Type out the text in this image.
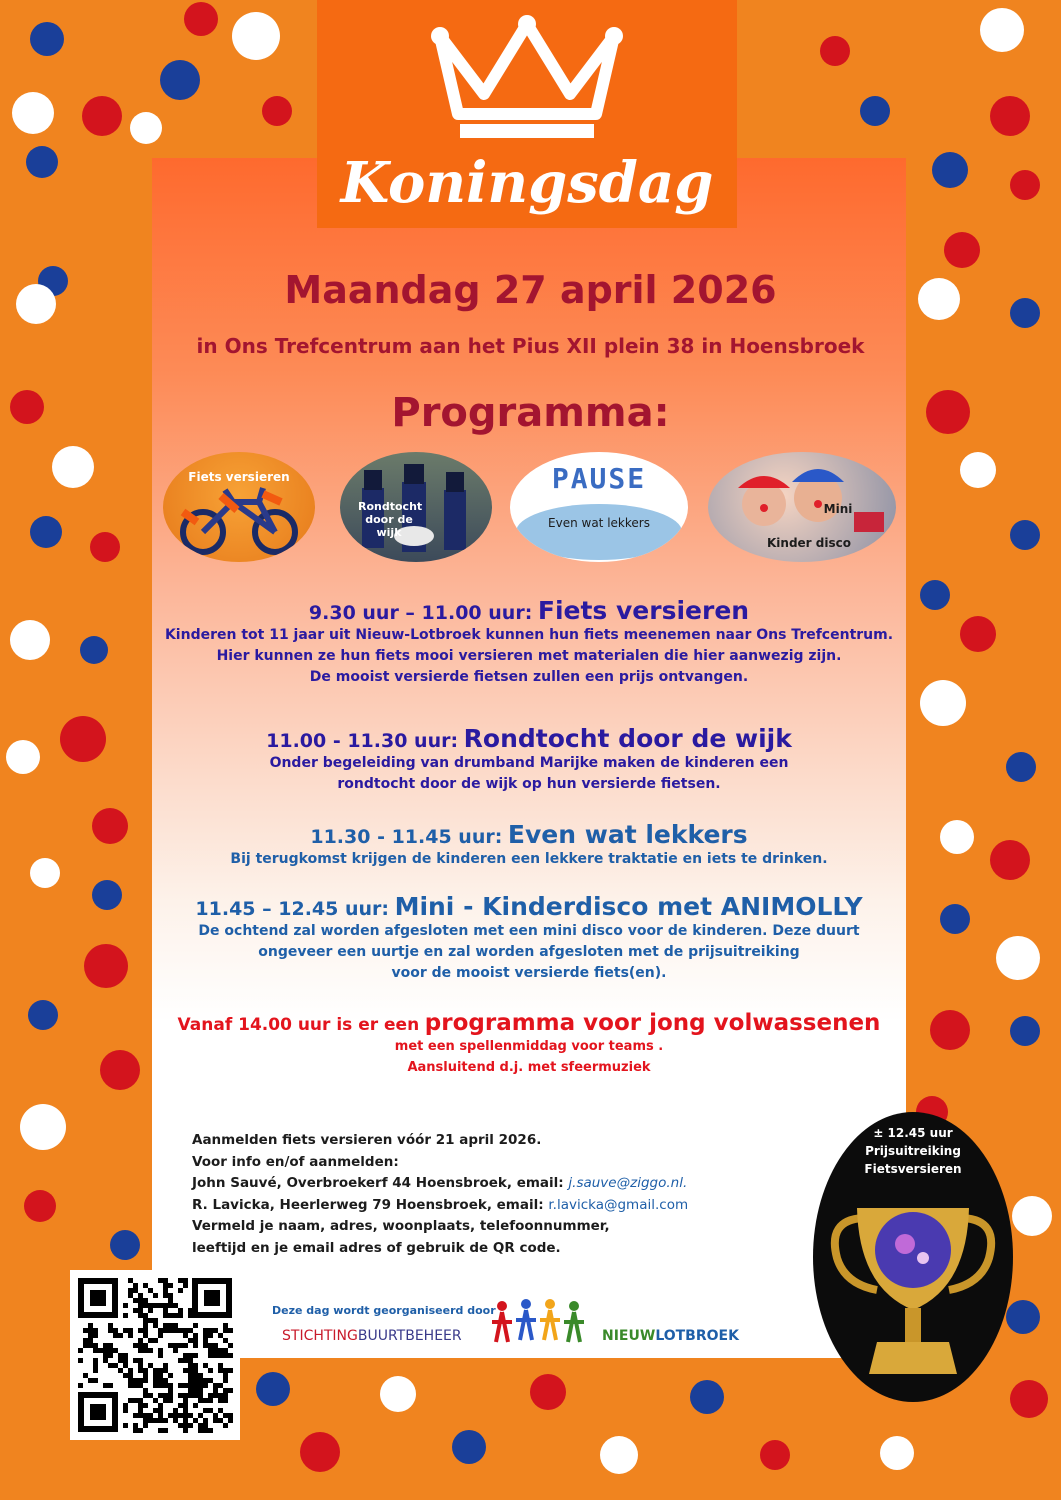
Koningsdag
Maandag 27 april 2026
in Ons Trefcentrum aan het Pius XII plein 38 in Hoensbroek
Programma:
Fiets versieren
Rondtocht door de wijk
PAUSE
Even wat lekkers
Mini
Kinder disco
9.30 uur – 11.00 uur: Fiets versieren
Kinderen tot 11 jaar uit Nieuw-Lotbroek kunnen hun fiets meenemen naar Ons Trefcentrum.
Hier kunnen ze hun fiets mooi versieren met materialen die hier aanwezig zijn.
De mooist versierde fietsen zullen een prijs ontvangen.
11.00 - 11.30 uur: Rondtocht door de wijk
Onder begeleiding van drumband Marijke maken de kinderen een
rondtocht door de wijk op hun versierde fietsen.
11.30 - 11.45 uur: Even wat lekkers
Bij terugkomst krijgen de kinderen een lekkere traktatie en iets te drinken.
11.45 – 12.45 uur: Mini - Kinderdisco met ANIMOLLY
De ochtend zal worden afgesloten met een mini disco voor de kinderen. Deze duurt
ongeveer een uurtje en zal worden afgesloten met de prijsuitreiking
voor de mooist versierde fiets(en).
Vanaf 14.00 uur is er een programma voor jong volwassenen
met een spellenmiddag voor teams .
Aansluitend d.j. met sfeermuziek
Aanmelden fiets versieren vóór 21 april 2026.
Voor info en/of aanmelden:
John Sauvé, Overbroekerf 44 Hoensbroek, email: j.sauve@ziggo.nl.
R. Lavicka, Heerlerweg 79 Hoensbroek, email: r.lavicka@gmail.com
Vermeld je naam, adres, woonplaats, telefoonnummer,
leeftijd en je email adres of gebruik de QR code.
Deze dag wordt georganiseerd door
STICHTINGBUURTBEHEER	NIEUWLOTBROEK
± 12.45 uur
Prijsuitreiking
Fietsversieren
